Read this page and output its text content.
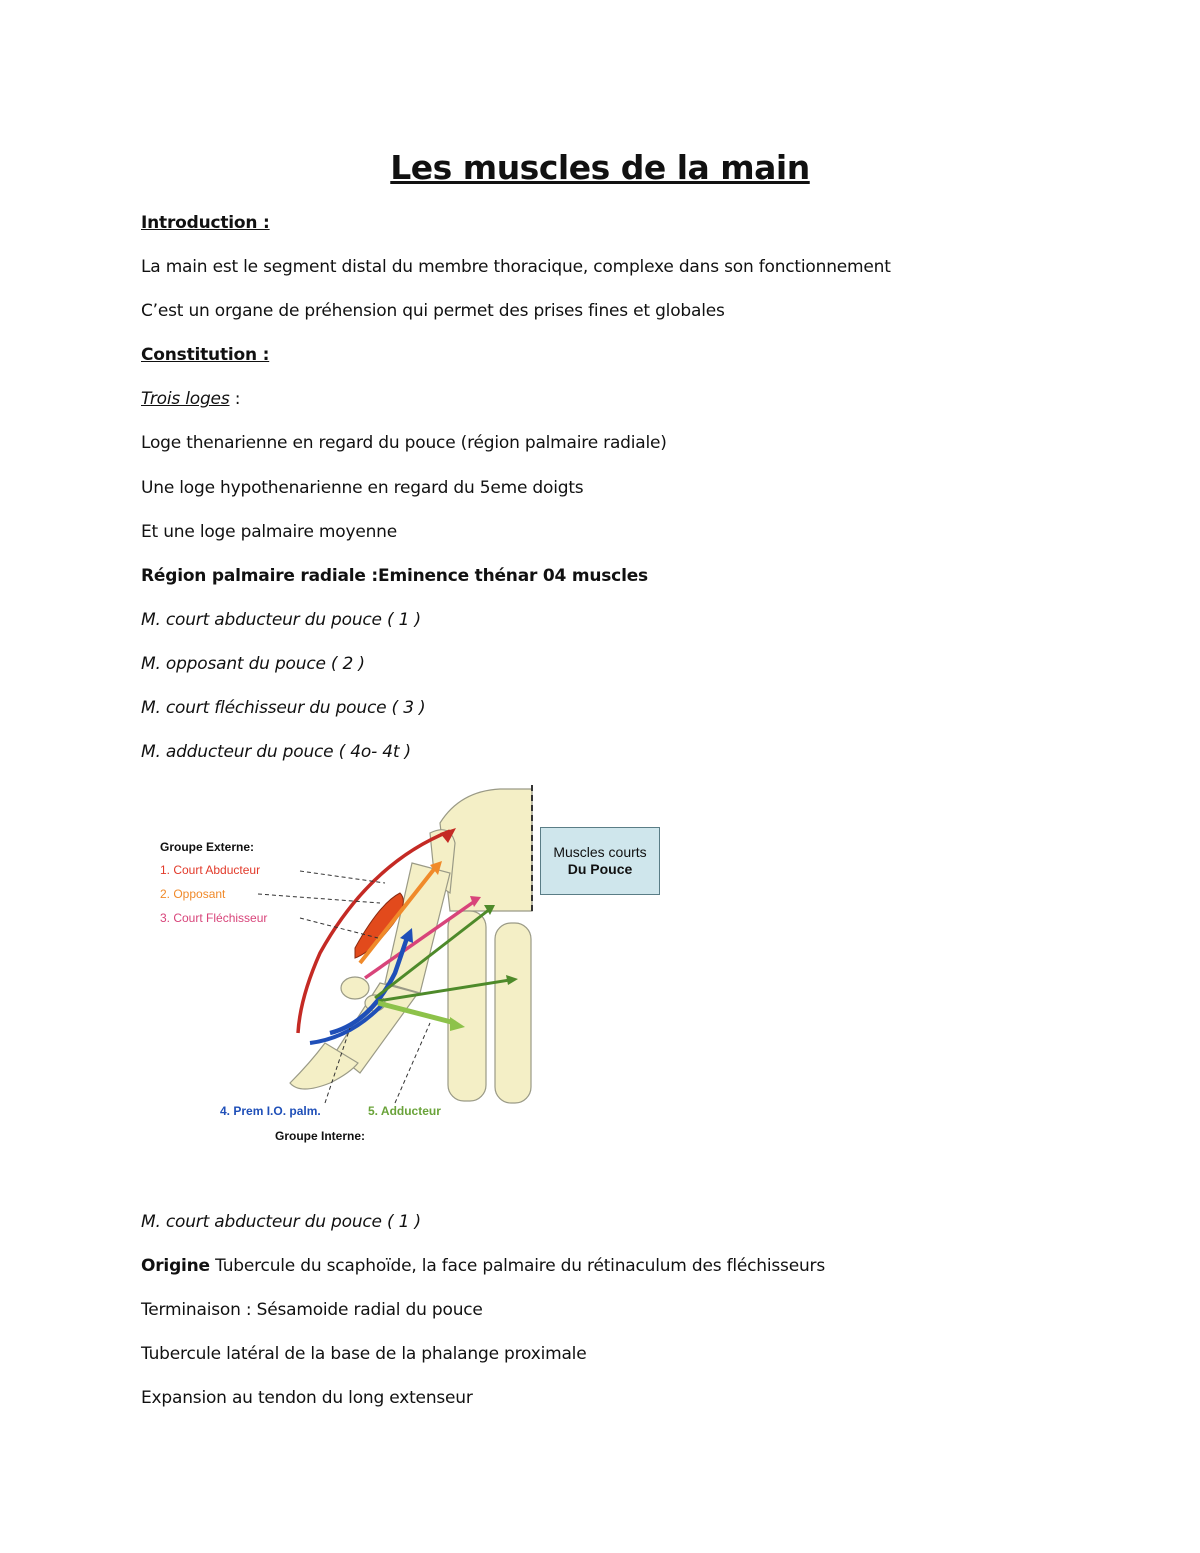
Les muscles de la main
Introduction :
La main est le segment distal du membre thoracique, complexe dans son fonctionnement
C’est un organe de préhension qui permet des prises fines et globales
Constitution :
Trois loges :
Loge thenarienne en regard du pouce (région palmaire radiale)
Une loge hypothenarienne en regard du 5eme doigts
Et une loge palmaire moyenne
Région palmaire radiale :Eminence thénar 04 muscles
M. court abducteur du pouce ( 1 )
M. opposant du pouce ( 2 )
M. court fléchisseur du pouce ( 3 )
M. adducteur du pouce ( 4o- 4t )
Groupe Externe:
1. Court Abducteur
2. Opposant
3. Court Fléchisseur
4. Prem I.O. palm.	5. Adducteur
Groupe Interne:
Muscles courts
Du Pouce
M. court abducteur du pouce ( 1 )
Origine Tubercule du scaphoïde, la face palmaire du rétinaculum des fléchisseurs
Terminaison : Sésamoide radial du pouce
Tubercule latéral de la base de la phalange proximale
Expansion au tendon du long extenseur
